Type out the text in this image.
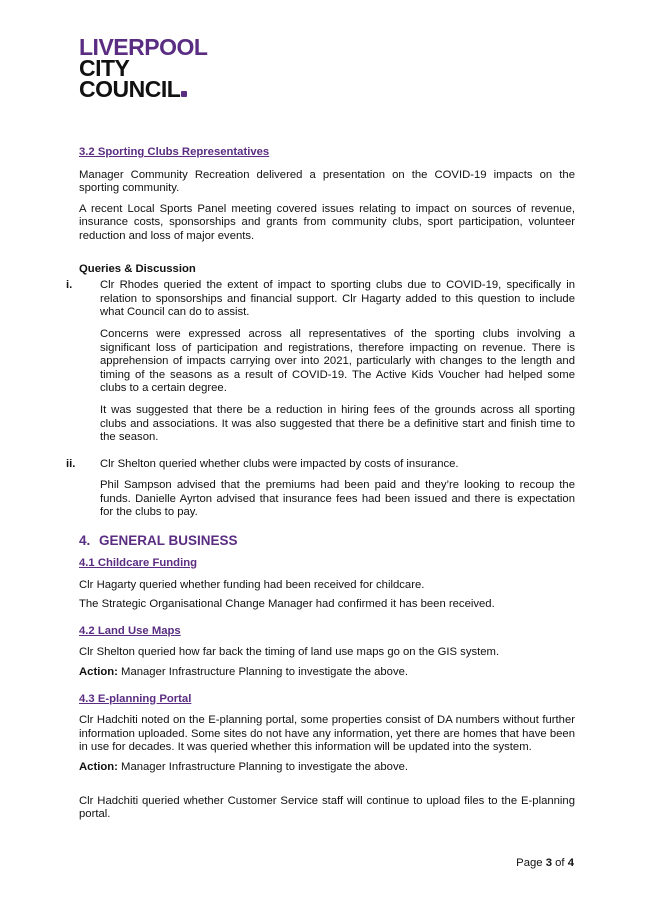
LIVERPOOL
CITY
COUNCIL
3.2 Sporting Clubs Representatives

Manager Community Recreation delivered a presentation on the COVID-19 impacts on the sporting community.

A recent Local Sports Panel meeting covered issues relating to impact on sources of revenue, insurance costs, sponsorships and grants from community clubs, sport participation, volunteer reduction and loss of major events.

Queries & Discussion

i. Clr Rhodes queried the extent of impact to sporting clubs due to COVID-19, specifically in relation to sponsorships and financial support. Clr Hagarty added to this question to include what Council can do to assist.

Concerns were expressed across all representatives of the sporting clubs involving a significant loss of participation and registrations, therefore impacting on revenue. There is apprehension of impacts carrying over into 2021, particularly with changes to the length and timing of the seasons as a result of COVID-19. The Active Kids Voucher had helped some clubs to a certain degree.

It was suggested that there be a reduction in hiring fees of the grounds across all sporting clubs and associations. It was also suggested that there be a definitive start and finish time to the season.

ii. Clr Shelton queried whether clubs were impacted by costs of insurance.

Phil Sampson advised that the premiums had been paid and they’re looking to recoup the funds. Danielle Ayrton advised that insurance fees had been issued and there is expectation for the clubs to pay.

4. GENERAL BUSINESS
4.1 Childcare Funding

Clr Hagarty queried whether funding had been received for childcare.

The Strategic Organisational Change Manager had confirmed it has been received.

4.2 Land Use Maps

Clr Shelton queried how far back the timing of land use maps go on the GIS system.

Action: Manager Infrastructure Planning to investigate the above.

4.3 E-planning Portal

Clr Hadchiti noted on the E-planning portal, some properties consist of DA numbers without further information uploaded. Some sites do not have any information, yet there are homes that have been in use for decades. It was queried whether this information will be updated into the system.

Action: Manager Infrastructure Planning to investigate the above.

Clr Hadchiti queried whether Customer Service staff will continue to upload files to the E-planning portal.

Page 3 of 4
